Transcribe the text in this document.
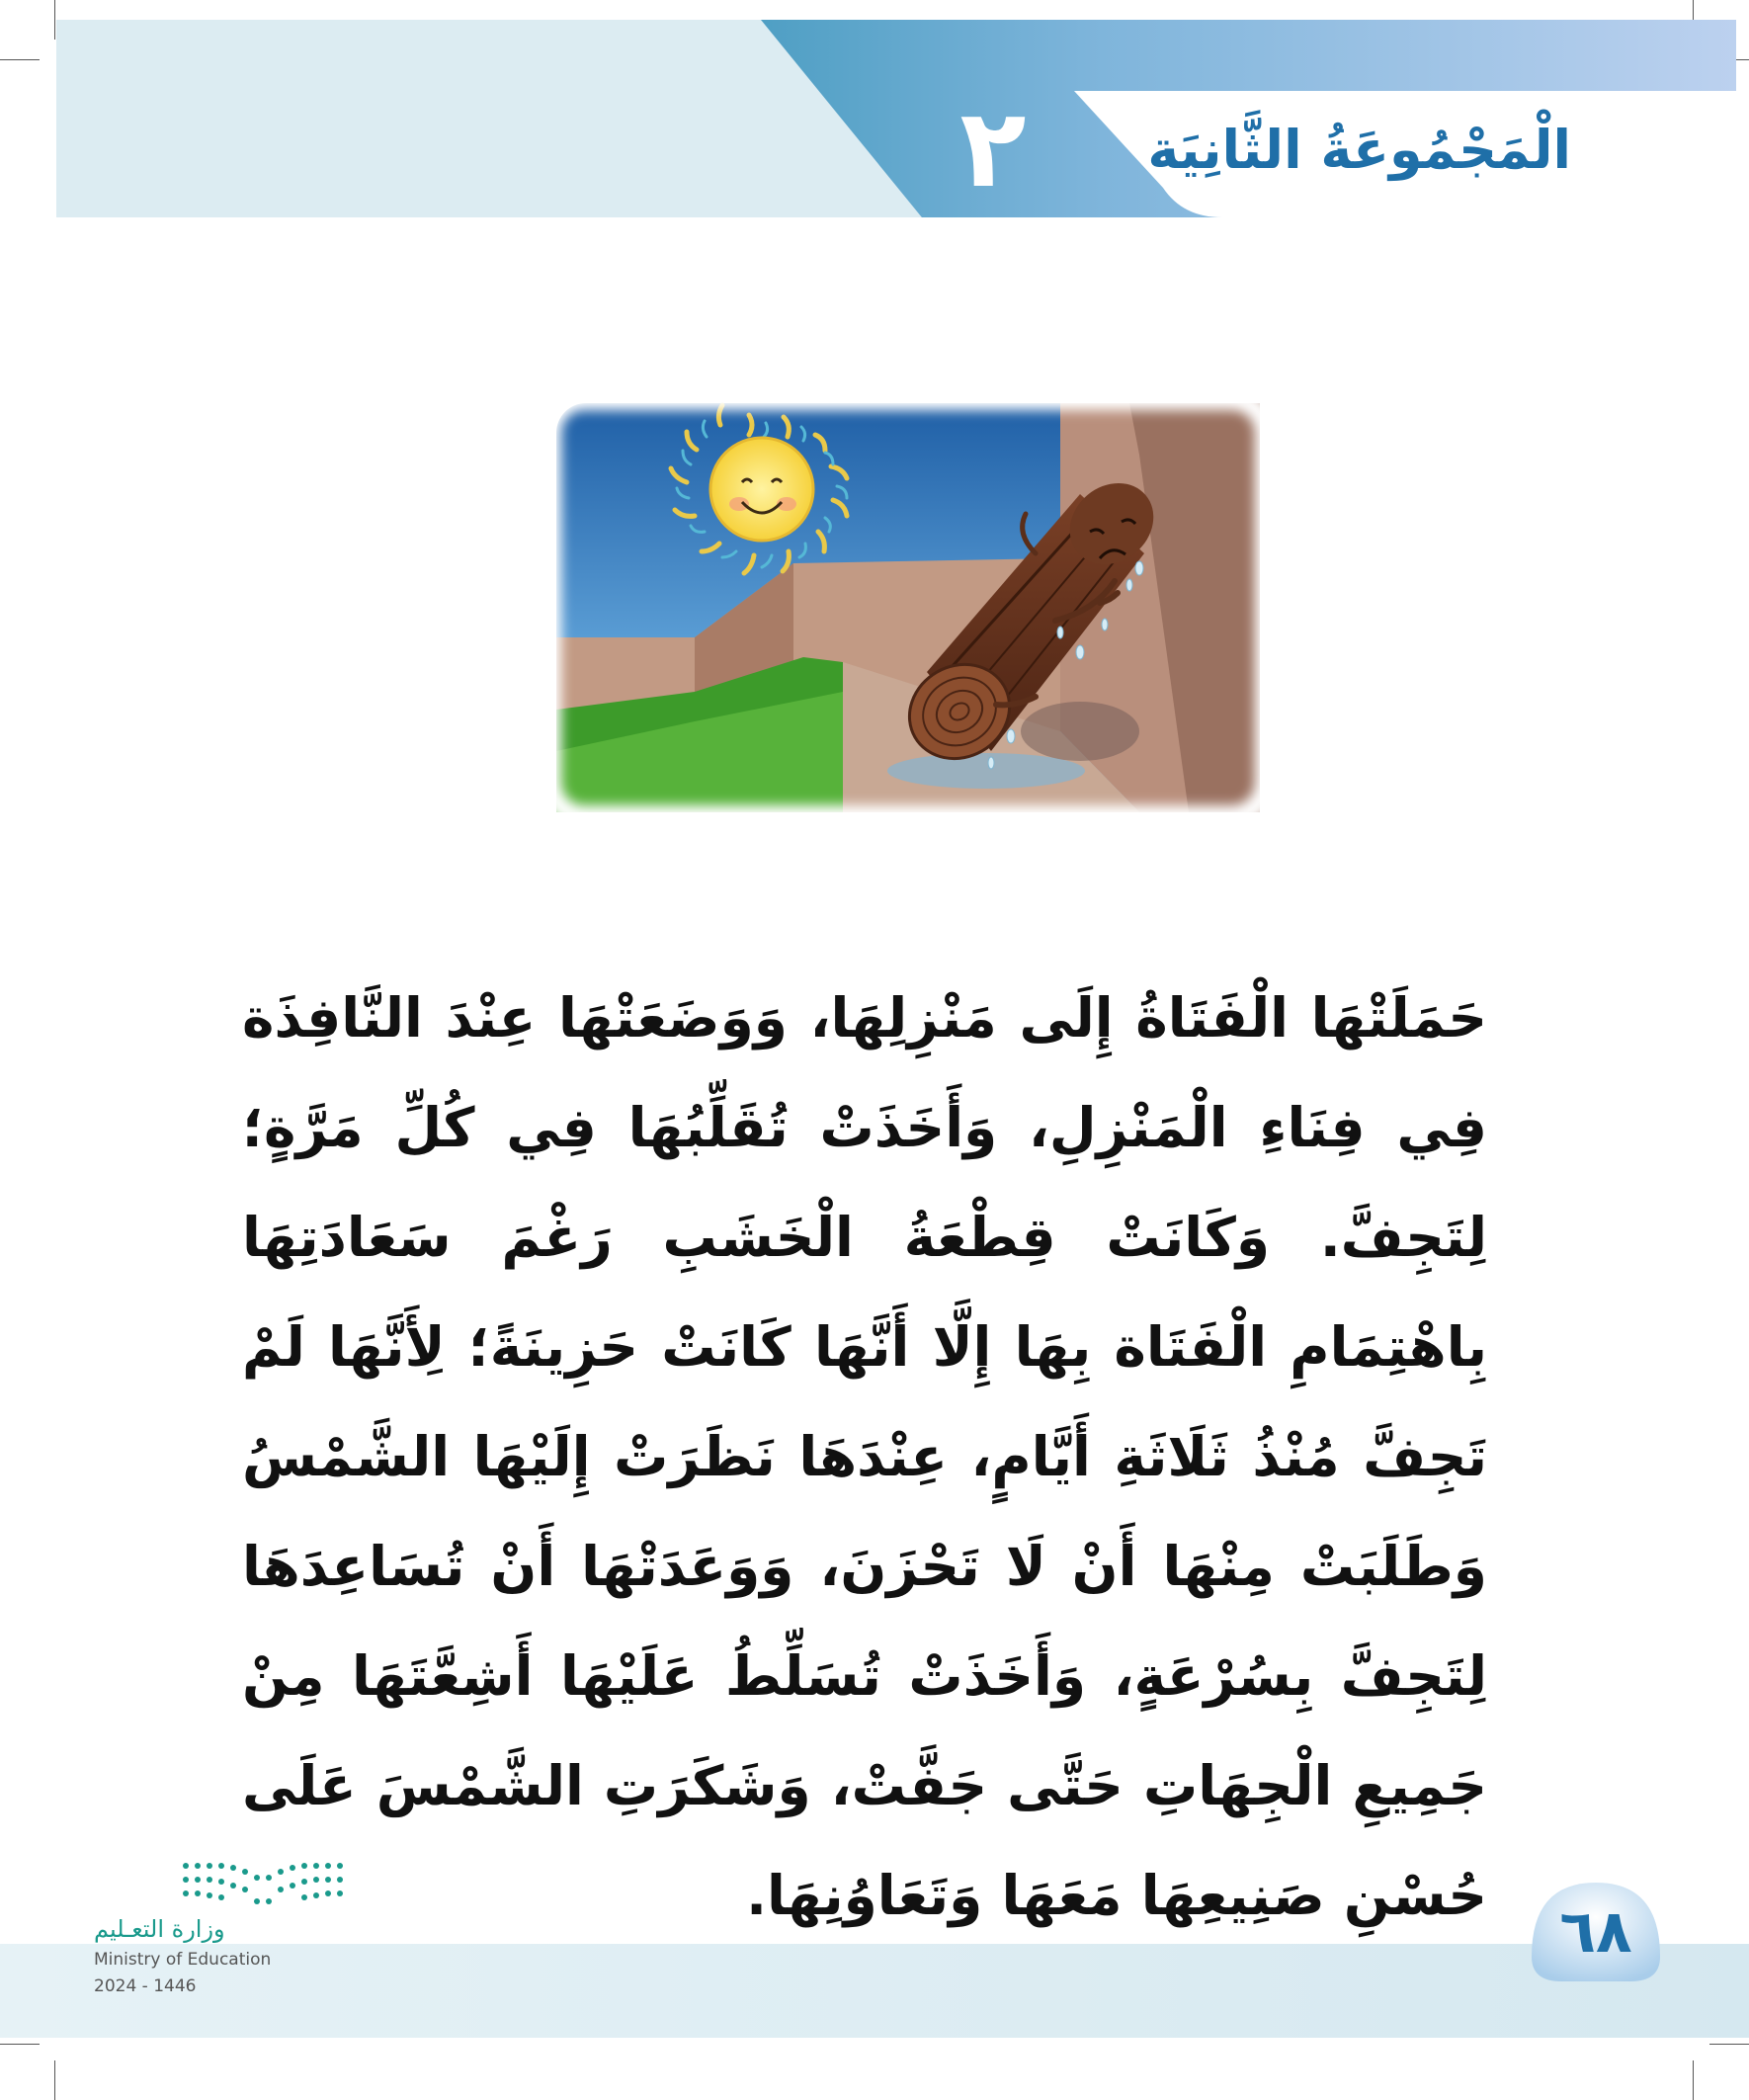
٢	الْمَجْمُوعَةُ الثَّانِيَة

حَمَلَتْهَا الْفَتَاةُ إِلَى مَنْزِلِهَا، وَوَضَعَتْهَا عِنْدَ النَّافِذَة فِي فِنَاءِ الْمَنْزِلِ، وَأَخَذَتْ تُقَلِّبُهَا فِي كُلِّ مَرَّةٍ؛ لِتَجِفَّ. وَكَانَتْ قِطْعَةُ الْخَشَبِ رَغْمَ سَعَادَتِهَا بِاهْتِمَامِ الْفَتَاة بِهَا إِلَّا أَنَّهَا كَانَتْ حَزِينَةً؛ لِأَنَّهَا لَمْ تَجِفَّ مُنْذُ ثَلَاثَةِ أَيَّامٍ، عِنْدَهَا نَظَرَتْ إِلَيْهَا الشَّمْسُ وَطَلَبَتْ مِنْهَا أَنْ لَا تَحْزَنَ، وَوَعَدَتْهَا أَنْ تُسَاعِدَهَا لِتَجِفَّ بِسُرْعَةٍ، وَأَخَذَتْ تُسَلِّطُ عَلَيْهَا أَشِعَّتَهَا مِنْ جَمِيعِ الْجِهَاتِ حَتَّى جَفَّتْ، وَشَكَرَتِ الشَّمْسَ عَلَى حُسْنِ صَنِيعِهَا مَعَهَا وَتَعَاوُنِهَا.

٦٨
وزارة التعـليم
Ministry of Education
2024 - 1446
